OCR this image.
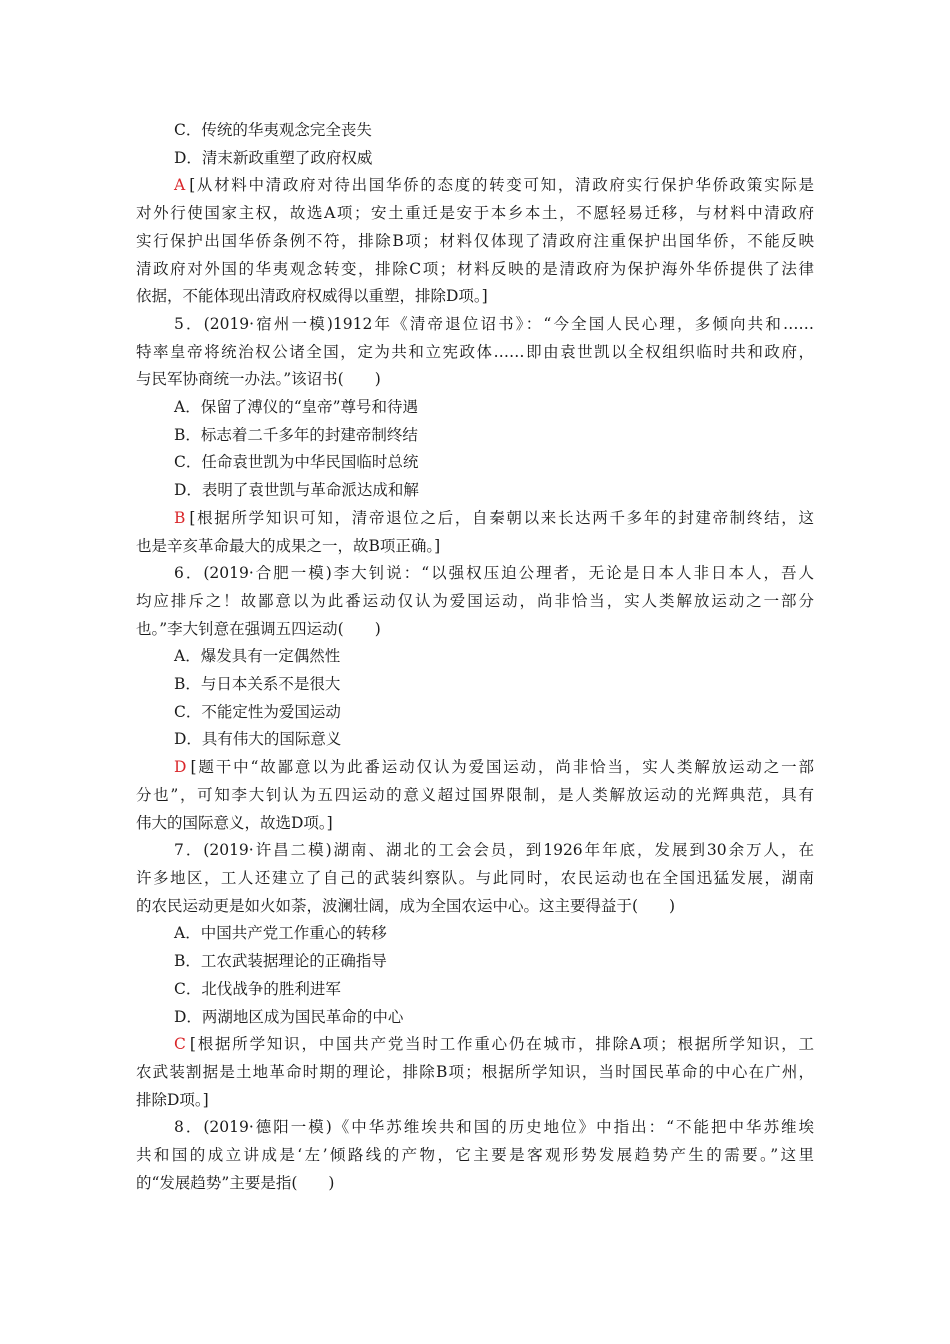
C．传统的华夷观念完全丧失
D．清末新政重塑了政府权威
A [从材料中清政府对待出国华侨的态度的转变可知，清政府实行保护华侨政策实际是
对外行使国家主权，故选A项；安土重迁是安于本乡本土，不愿轻易迁移，与材料中清政府
实行保护出国华侨条例不符，排除B项；材料仅体现了清政府注重保护出国华侨，不能反映
清政府对外国的华夷观念转变，排除C项；材料反映的是清政府为保护海外华侨提供了法律
依据，不能体现出清政府权威得以重塑，排除D项。]
5．(2019·宿州一模)1912年《清帝退位诏书》：“今全国人民心理，多倾向共和……
特率皇帝将统治权公诸全国，定为共和立宪政体……即由袁世凯以全权组织临时共和政府，
与民军协商统一办法。”该诏书(　　)
A．保留了溥仪的“皇帝”尊号和待遇
B．标志着二千多年的封建帝制终结
C．任命袁世凯为中华民国临时总统
D．表明了袁世凯与革命派达成和解
B [根据所学知识可知，清帝退位之后，自秦朝以来长达两千多年的封建帝制终结，这
也是辛亥革命最大的成果之一，故B项正确。]
6．(2019·合肥一模)李大钊说：“以强权压迫公理者，无论是日本人非日本人，吾人
均应排斥之！故鄙意以为此番运动仅认为爱国运动，尚非恰当，实人类解放运动之一部分
也。”李大钊意在强调五四运动(　　)
A．爆发具有一定偶然性
B．与日本关系不是很大
C．不能定性为爱国运动
D．具有伟大的国际意义
D [题干中“故鄙意以为此番运动仅认为爱国运动，尚非恰当，实人类解放运动之一部
分也”，可知李大钊认为五四运动的意义超过国界限制，是人类解放运动的光辉典范，具有
伟大的国际意义，故选D项。]
7．(2019·许昌二模)湖南、湖北的工会会员，到1926年年底，发展到30余万人，在
许多地区，工人还建立了自己的武装纠察队。与此同时，农民运动也在全国迅猛发展，湖南
的农民运动更是如火如荼，波澜壮阔，成为全国农运中心。这主要得益于(　　)
A．中国共产党工作重心的转移
B．工农武装据理论的正确指导
C．北伐战争的胜利进军
D．两湖地区成为国民革命的中心
C [根据所学知识，中国共产党当时工作重心仍在城市，排除A项；根据所学知识，工
农武装割据是土地革命时期的理论，排除B项；根据所学知识，当时国民革命的中心在广州，
排除D项。]
8．(2019·德阳一模)《中华苏维埃共和国的历史地位》中指出：“不能把中华苏维埃
共和国的成立讲成是‘左’倾路线的产物，它主要是客观形势发展趋势产生的需要。”这里
的“发展趋势”主要是指(　　)
